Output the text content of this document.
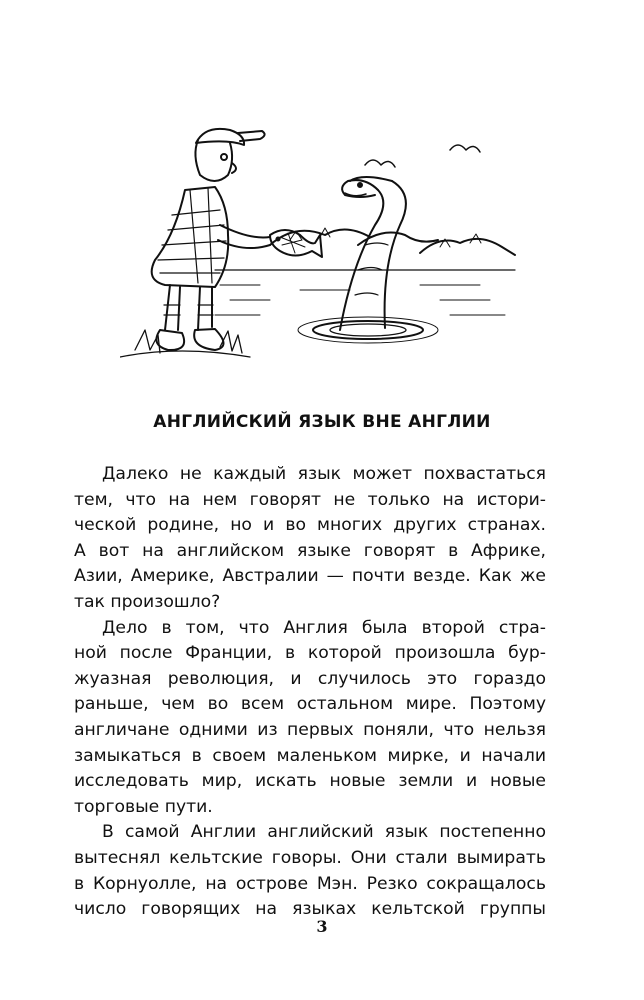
АНГЛИЙСКИЙ ЯЗЫК ВНЕ АНГЛИИ
Далеко не каждый язык может похвастаться
тем, что на нем говорят не только на истори-
ческой родине, но и во многих других странах.
А вот на английском языке говорят в Африке,
Азии, Америке, Австралии — почти везде. Как же
так произошло?
Дело в том, что Англия была второй стра-
ной после Франции, в которой произошла бур-
жуазная революция, и случилось это гораздо
раньше, чем во всем остальном мире. Поэтому
англичане одними из первых поняли, что нельзя
замыкаться в своем маленьком мирке, и начали
исследовать мир, искать новые земли и новые
торговые пути.
В самой Англии английский язык постепенно
вытеснял кельтские говоры. Они стали вымирать
в Корнуолле, на острове Мэн. Резко сокращалось
число говорящих на языках кельтской группы
3
